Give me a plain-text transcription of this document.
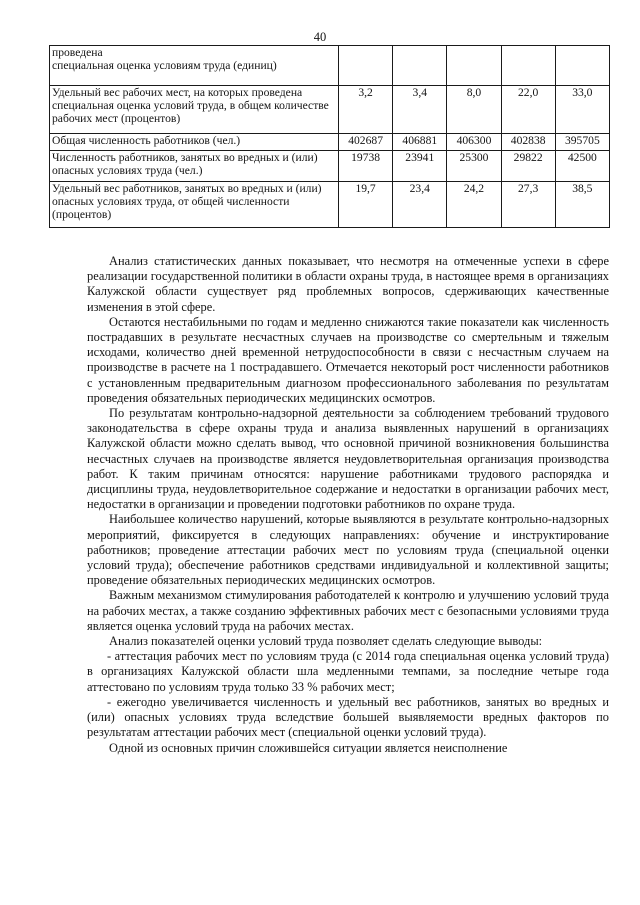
40
проведена
специальная оценка условиям труда (единиц)					
Удельный вес рабочих мест, на которых проведена специальная оценка условий труда, в общем количестве рабочих мест (процентов)	3,2	3,4	8,0	22,0	33,0
Общая численность работников (чел.)	402687	406881	406300	402838	395705
Численность работников, занятых во вредных и (или) опасных условиях труда (чел.)	19738	23941	25300	29822	42500
Удельный вес работников, занятых во вредных и (или) опасных условиях труда, от общей численности (процентов)	19,7	23,4	24,2	27,3	38,5

Анализ статистических данных показывает, что несмотря на отмеченные успехи в сфере реализации государственной политики в области охраны труда, в настоящее время в организациях Калужской области существует ряд проблемных вопросов, сдерживающих качественные изменения в этой сфере.

Остаются нестабильными по годам и медленно снижаются такие показатели как численность пострадавших в результате несчастных случаев на производстве со смертельным и тяжелым исходами, количество дней временной нетрудоспособности в связи с несчастным случаем на производстве в расчете на 1 пострадавшего. Отмечается некоторый рост численности работников с установленным предварительным диагнозом профессионального заболевания по результатам проведения обязательных периодических медицинских осмотров.

По результатам контрольно-надзорной деятельности за соблюдением требований трудового законодательства в сфере охраны труда и анализа выявленных нарушений в организациях Калужской области можно сделать вывод, что основной причиной возникновения большинства несчастных случаев на производстве является неудовлетворительная организация производства работ. К таким причинам относятся: нарушение работниками трудового распорядка и дисциплины труда, неудовлетворительное содержание и недостатки в организации рабочих мест, недостатки в организации и проведении подготовки работников по охране труда.

Наибольшее количество нарушений, которые выявляются в результате контрольно-надзорных мероприятий, фиксируется в следующих направлениях: обучение и инструктирование работников; проведение аттестации рабочих мест по условиям труда (специальной оценки условий труда); обеспечение работников средствами индивидуальной и коллективной защиты; проведение обязательных периодических медицинских осмотров.

Важным механизмом стимулирования работодателей к контролю и улучшению условий труда на рабочих местах, а также созданию эффективных рабочих мест с безопасными условиями труда является оценка условий труда на рабочих местах.

Анализ показателей оценки условий труда позволяет сделать следующие выводы:

- аттестация рабочих мест по условиям труда (с 2014 года специальная оценка условий труда) в организациях Калужской области шла медленными темпами, за последние четыре года аттестовано по условиям труда только 33 % рабочих мест;

- ежегодно увеличивается численность и удельный вес работников, занятых во вредных и (или) опасных условиях труда вследствие большей выявляемости вредных факторов по результатам аттестации рабочих мест (специальной оценки условий труда).

Одной из основных причин сложившейся ситуации является неисполнение
